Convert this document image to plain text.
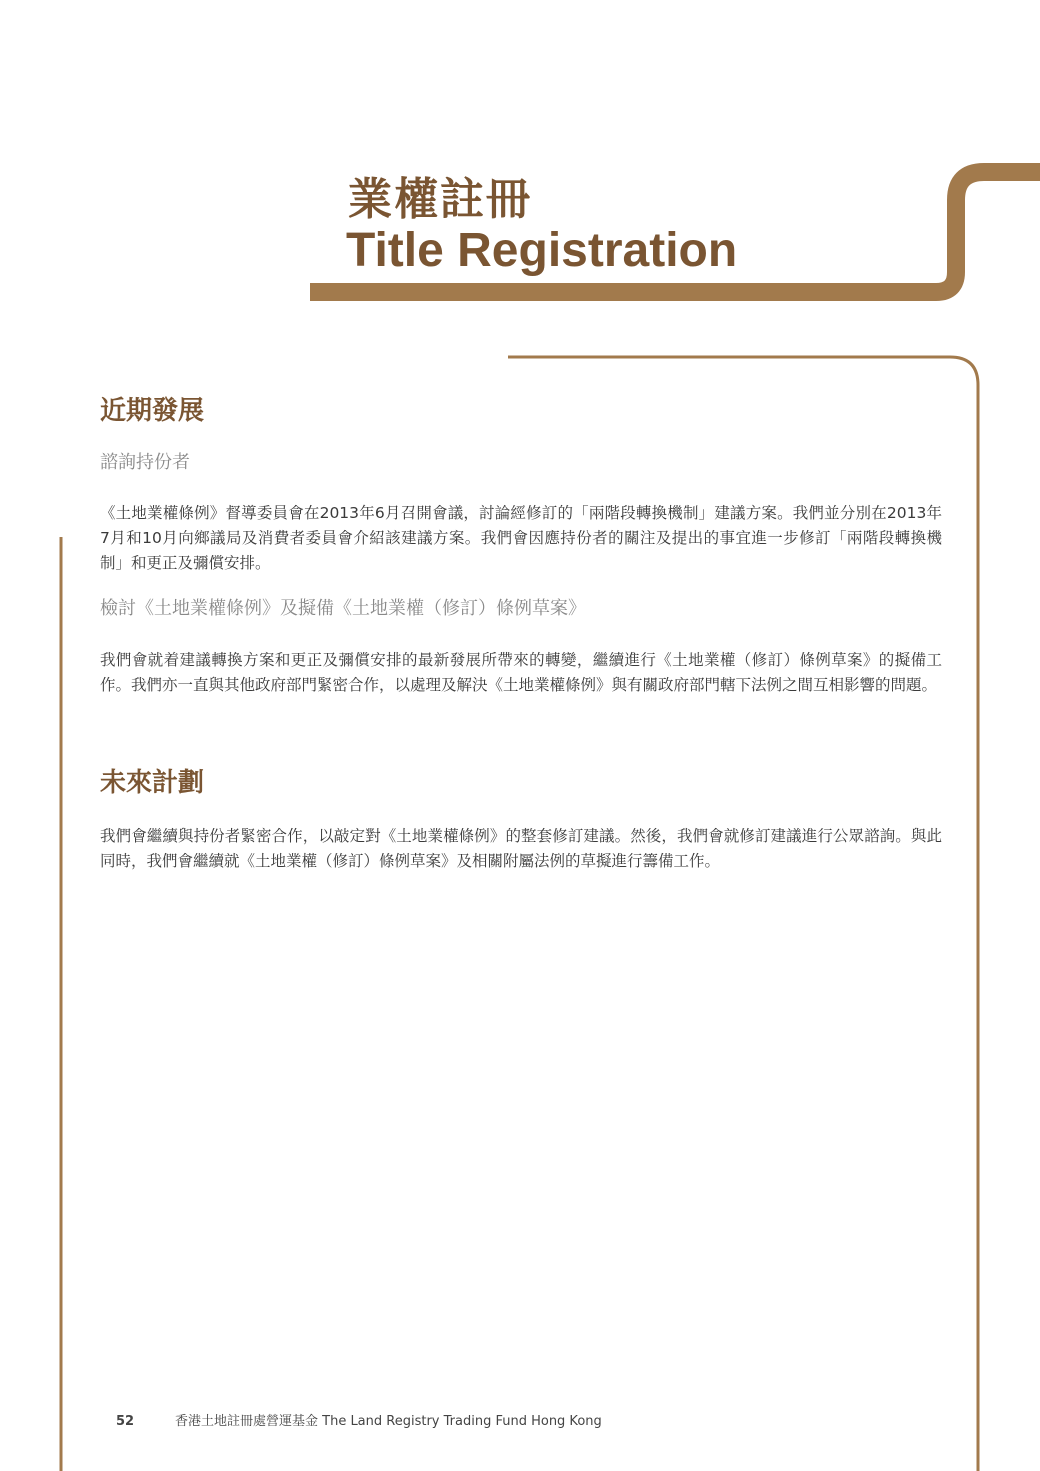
業權註冊
Title Registration
近期發展
諮詢持份者
《土地業權條例》督導委員會在2013年6月召開會議，討論經修訂的「兩階段轉換機制」建議方案。我們並分別在2013年7月和10月向鄉議局及消費者委員會介紹該建議方案。我們會因應持份者的關注及提出的事宜進一步修訂「兩階段轉換機制」和更正及彌償安排。
檢討《土地業權條例》及擬備《土地業權（修訂）條例草案》
我們會就着建議轉換方案和更正及彌償安排的最新發展所帶來的轉變，繼續進行《土地業權（修訂）條例草案》的擬備工作。我們亦一直與其他政府部門緊密合作，以處理及解決《土地業權條例》與有關政府部門轄下法例之間互相影響的問題。
未來計劃
我們會繼續與持份者緊密合作，以敲定對《土地業權條例》的整套修訂建議。然後，我們會就修訂建議進行公眾諮詢。與此同時，我們會繼續就《土地業權（修訂）條例草案》及相關附屬法例的草擬進行籌備工作。
52	香港土地註冊處營運基金 The Land Registry Trading Fund Hong Kong
